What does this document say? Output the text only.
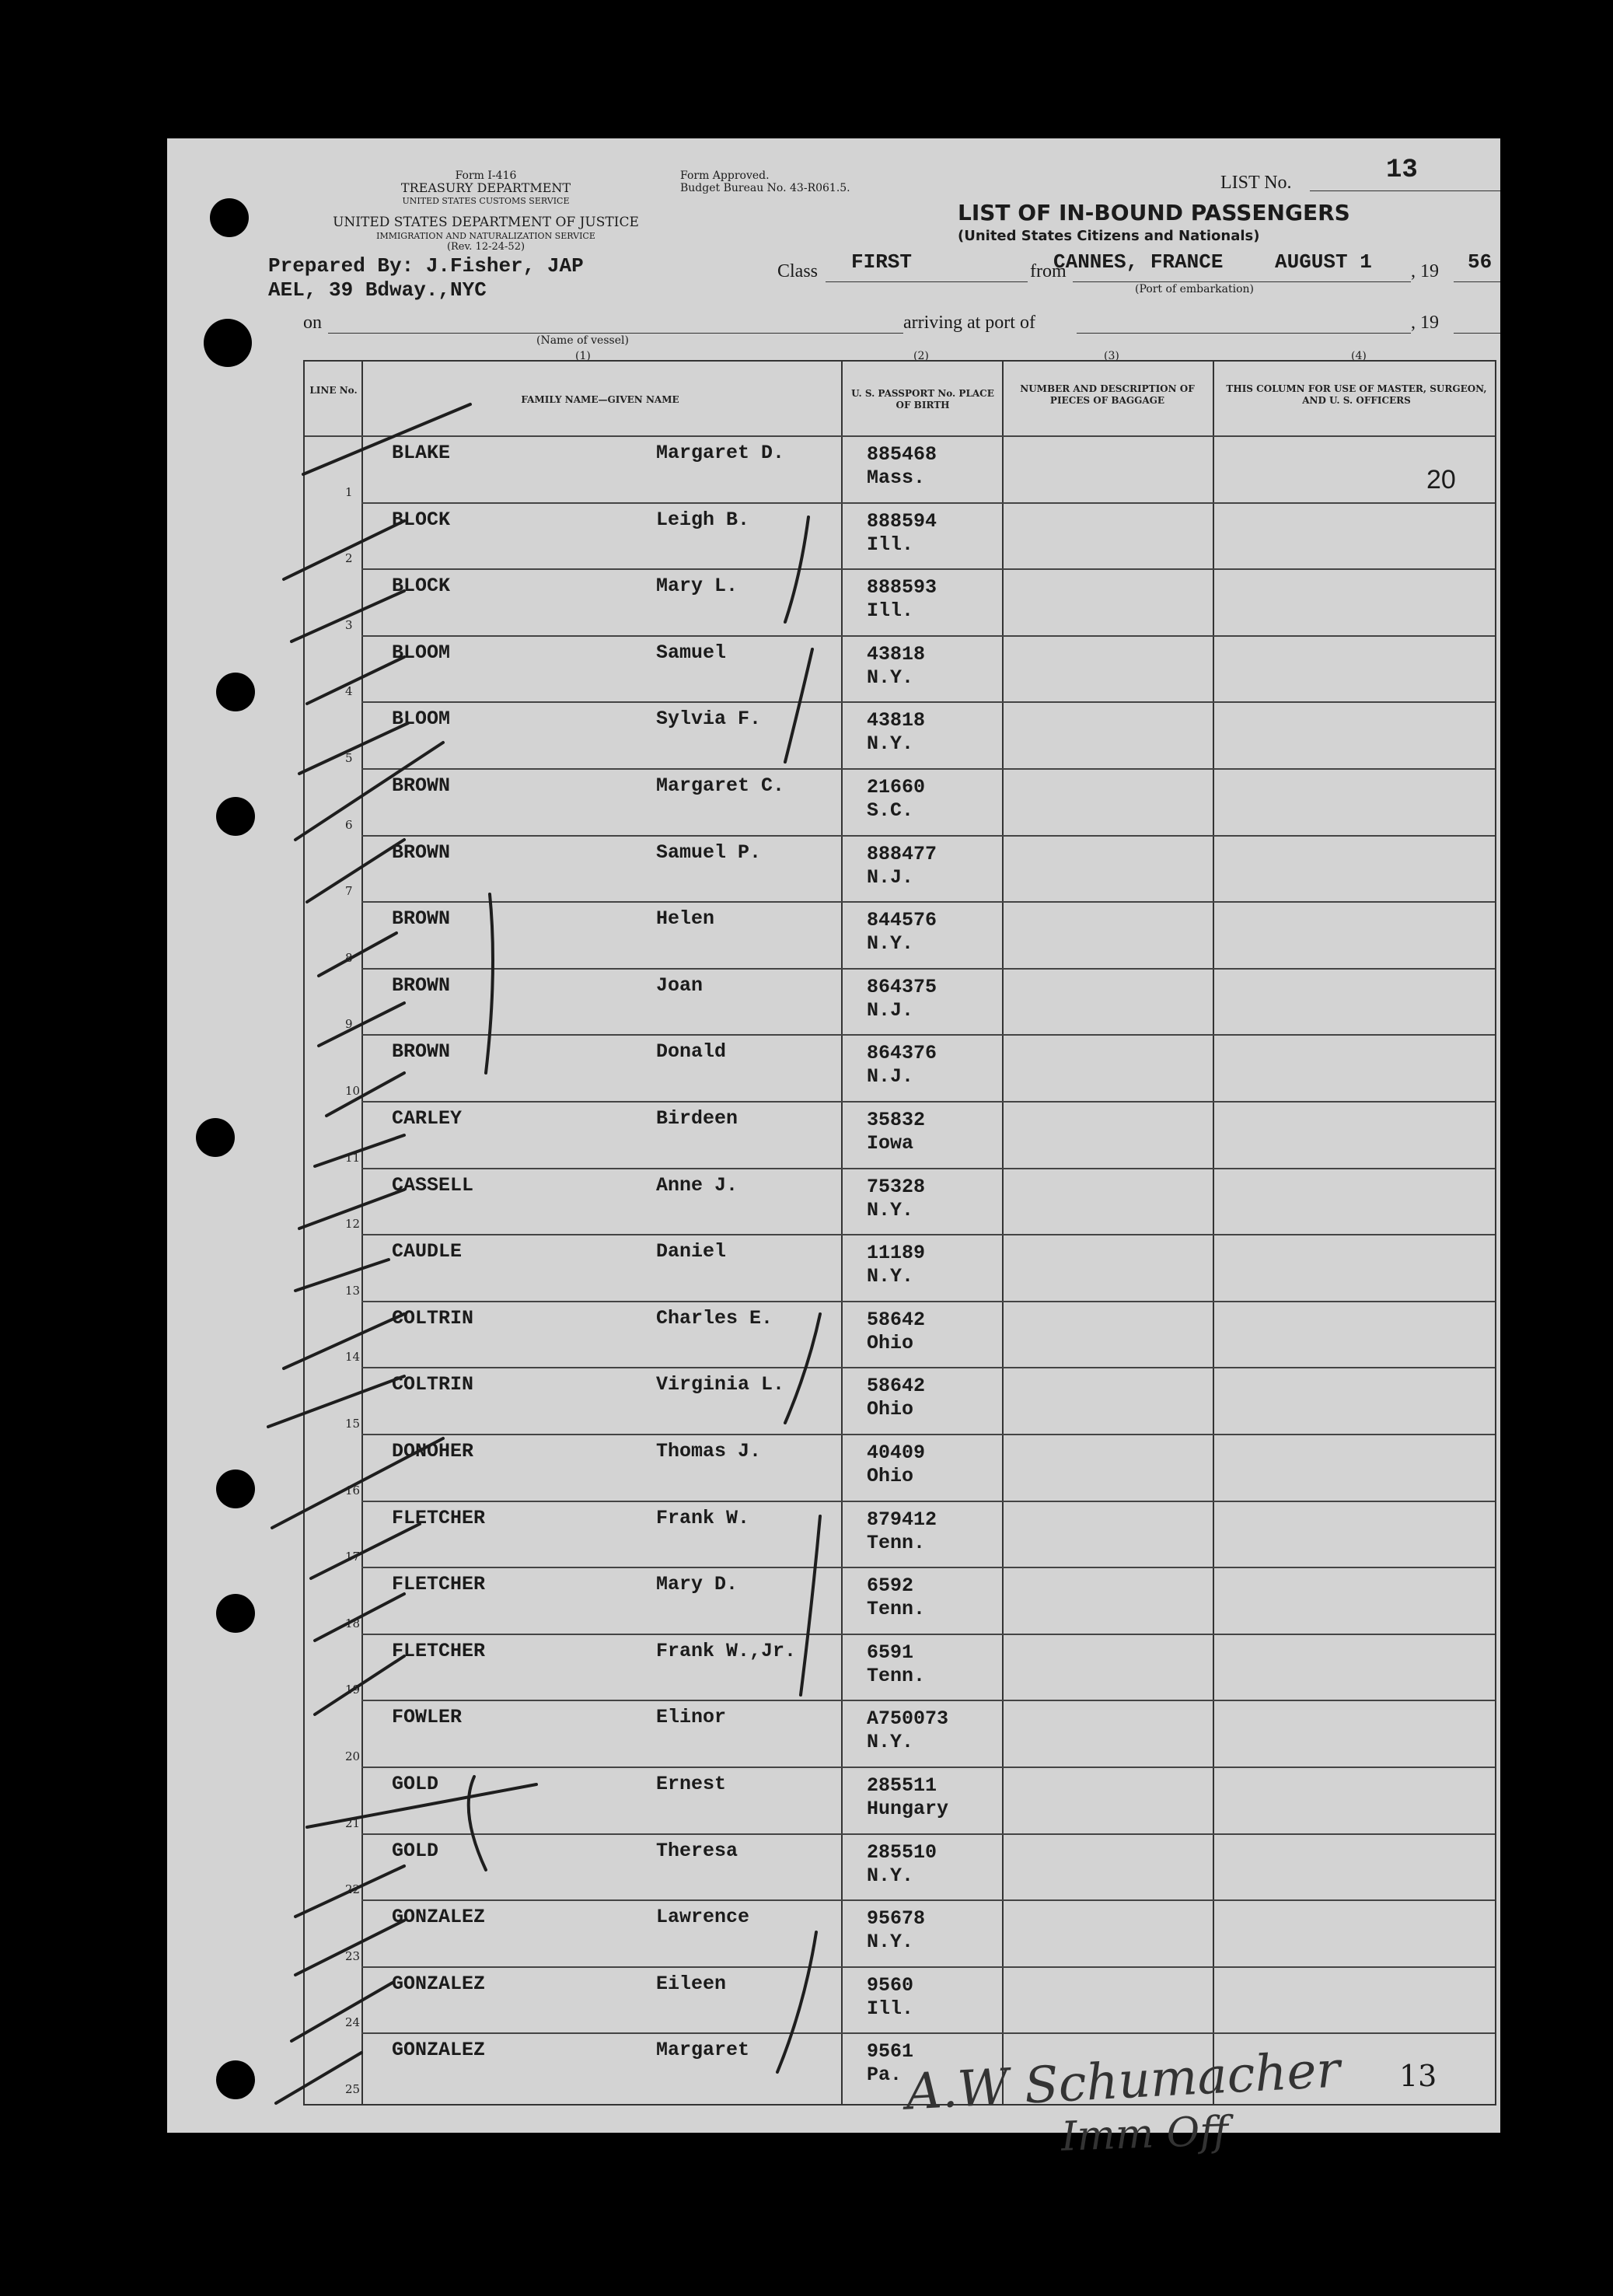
Form I-416
TREASURY DEPARTMENT
UNITED STATES CUSTOMS SERVICE
Form Approved.
Budget Bureau No. 43-R061.5.
UNITED STATES DEPARTMENT OF JUSTICE
IMMIGRATION AND NATURALIZATION SERVICE
(Rev. 12-24-52)
LIST No.	13
LIST OF IN-BOUND PASSENGERS
(United States Citizens and Nationals)
Prepared By: J.Fisher, JAP
AEL, 39 Bdway.,NYC
Class FIRST	from
CANNES, FRANCE	AUGUST 1 , 19 56
(Port of embarkation)
on	arriving at port of	, 19
(Name of vessel)
(1)	(2)	(3)	(4)
LINE No.
FAMILY NAME—GIVEN NAME
U. S. PASSPORT No. PLACE OF BIRTH
NUMBER AND DESCRIPTION OF PIECES OF BAGGAGE
THIS COLUMN FOR USE OF MASTER, SURGEON, AND U. S. OFFICERS
1
BLAKE	Margaret D.	885468
Mass.
2
BLOCK	Leigh B.	888594
Ill.
3
BLOCK	Mary L.	888593
Ill.
4
BLOOM	Samuel	43818
N.Y.
5
BLOOM	Sylvia F.	43818
N.Y.
6
BROWN	Margaret C.	21660
S.C.
7
BROWN	Samuel P.	888477
N.J.
8
BROWN	Helen	844576
N.Y.
9
BROWN	Joan	864375
N.J.
10
BROWN	Donald	864376
N.J.
11
CARLEY	Birdeen	35832
Iowa
12
CASSELL	Anne J.	75328
N.Y.
13
CAUDLE	Daniel	11189
N.Y.
14
COLTRIN	Charles E.	58642
Ohio
15
COLTRIN	Virginia L.	58642
Ohio
16
DONOHER	Thomas J.	40409
Ohio
17
FLETCHER	Frank W.	879412
Tenn.
18
FLETCHER	Mary D.	6592
Tenn.
19
FLETCHER	Frank W.,Jr.	6591
Tenn.
20
FOWLER	Elinor	A750073
N.Y.
21
GOLD	Ernest	285511
Hungary
22
GOLD	Theresa	285510
N.Y.
23
GONZALEZ	Lawrence	95678
N.Y.
24
GONZALEZ	Eileen	9560
Ill.
25
GONZALEZ	Margaret	9561
Pa.
20
A.W Schumacher 13
Imm Off
